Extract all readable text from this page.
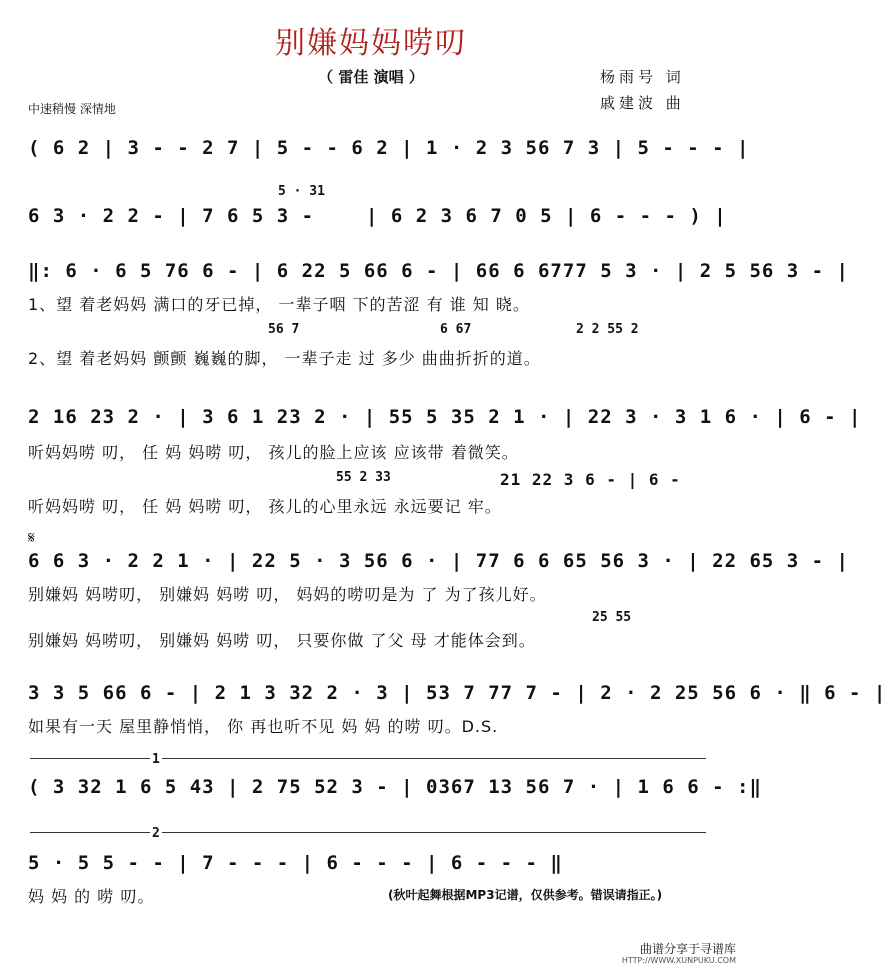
别嫌妈妈唠叨
（ 雷佳 演唱 ）	杨雨号 词
戚建波 曲
中速稍慢 深情地
( 6 2 | 3 - - 2 7 | 5 - - 6 2 | 1 · 2 3 56 7 3 | 5 - - - |
5 · 31
6 3 · 2 2 - | 7 6 5 3 -	| 6 2 3 6 7 0 5 | 6 - - - ) |
‖: 6 · 6 5 76 6 - | 6 22 5 66 6 - | 66 6 6777 5 3 · | 2 5 56 3 - |
1、望 着老妈妈 满口的牙已掉， 一辈子咽 下的苦涩 有 谁 知 晓。
56 7	6 67	2 2 55 2
2、望 着老妈妈 颤颤 巍巍的脚， 一辈子走 过 多少 曲曲折折的道。
2 16 23 2 · | 3 6 1 23 2 · | 55 5 35 2 1 · | 22 3 · 3 1 6 · | 6 - |
听妈妈唠 叨， 任 妈 妈唠 叨， 孩儿的脸上应该 应该带 着微笑。
55 2 33	21 22 3 6 - | 6 -
听妈妈唠 叨， 任 妈 妈唠 叨， 孩儿的心里永远 永远要记 牢。
𝄋
6 6 3 · 2 2 1 · | 22 5 · 3 56 6 · | 77 6 6 65 56 3 · | 22 65 3 - |
别嫌妈 妈唠叨， 别嫌妈 妈唠 叨， 妈妈的唠叨是为 了 为了孩儿好。
25 55
别嫌妈 妈唠叨， 别嫌妈 妈唠 叨， 只要你做 了父 母 才能体会到。
3 3 5 66 6 - | 2 1 3 32 2 · 3 | 53 7 77 7 - | 2 · 2 25 56 6 · ‖ 6 - |
如果有一天 屋里静悄悄， 你 再也听不见 妈 妈 的唠 叨。D.S.
1
( 3 32 1 6 5 43 | 2 75 52 3 - | 0367 13 56 7 · | 1 6 6 - :‖
2
5 · 5 5 - - | 7 - - - | 6 - - - | 6 - - - ‖
妈 妈 的 唠 叨。	(秋叶起舞根据MP3记谱，仅供参考。错误请指正。)
曲谱分享于寻谱库
HTTP://WWW.XUNPUKU.COM
